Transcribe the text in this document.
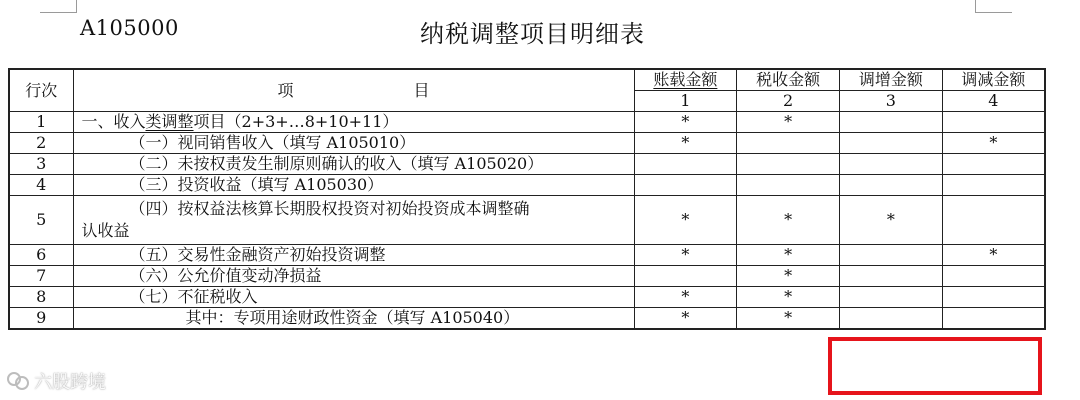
A105000	纳税调整项目明细表
行次	项 目	账载金额	税收金额	调增金额	调减金额
		1	2	3	4
1	一、收入类调整项目（2+3+…8+10+11）	*	*		
2	（一）视同销售收入（填写 A105010）	*			*
3	（二）未按权责发生制原则确认的收入（填写 A105020）				
4	（三）投资收益（填写 A105030）				
5	（四）按权益法核算长期股权投资对初始投资成本调整确
认收益	*	*	*	
6	（五）交易性金融资产初始投资调整	*	*		*
7	（六）公允价值变动净损益		*		
8	（七）不征税收入	*	*		
9	其中：专项用途财政性资金（填写 A105040）	*	*		
六股跨境
